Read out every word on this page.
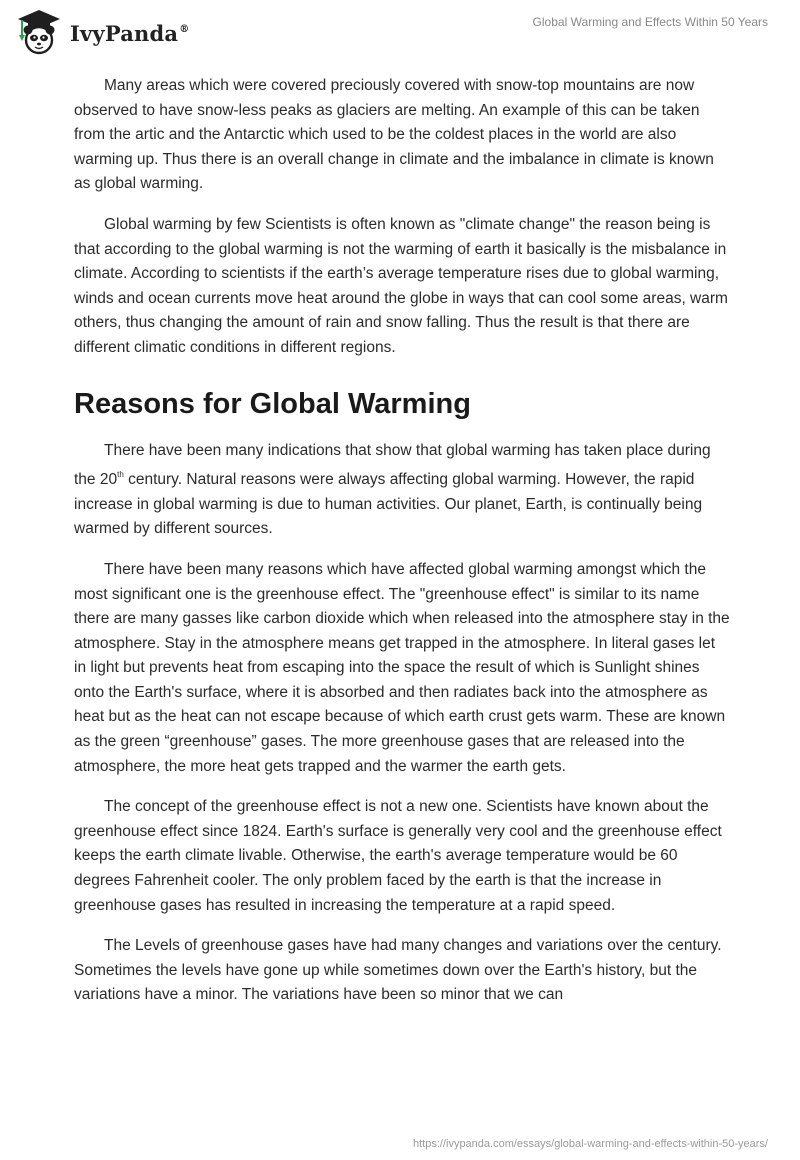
IvyPanda®	Global Warming and Effects Within 50 Years

Many areas which were covered preciously covered with snow-top mountains are now observed to have snow-less peaks as glaciers are melting. An example of this can be taken from the artic and the Antarctic which used to be the coldest places in the world are also warming up. Thus there is an overall change in climate and the imbalance in climate is known as global warming.

Global warming by few Scientists is often known as "climate change" the reason being is that according to the global warming is not the warming of earth it basically is the misbalance in climate. According to scientists if the earth’s average temperature rises due to global warming, winds and ocean currents move heat around the globe in ways that can cool some areas, warm others, thus changing the amount of rain and snow falling. Thus the result is that there are different climatic conditions in different regions.

Reasons for Global Warming

There have been many indications that show that global warming has taken place during the 20th century. Natural reasons were always affecting global warming. However, the rapid increase in global warming is due to human activities. Our planet, Earth, is continually being warmed by different sources.

There have been many reasons which have affected global warming amongst which the most significant one is the greenhouse effect. The "greenhouse effect" is similar to its name there are many gasses like carbon dioxide which when released into the atmosphere stay in the atmosphere. Stay in the atmosphere means get trapped in the atmosphere. In literal gases let in light but prevents heat from escaping into the space the result of which is Sunlight shines onto the Earth's surface, where it is absorbed and then radiates back into the atmosphere as heat but as the heat can not escape because of which earth crust gets warm. These are known as the green “greenhouse” gases. The more greenhouse gases that are released into the atmosphere, the more heat gets trapped and the warmer the earth gets.

The concept of the greenhouse effect is not a new one. Scientists have known about the greenhouse effect since 1824. Earth's surface is generally very cool and the greenhouse effect keeps the earth climate livable. Otherwise, the earth's average temperature would be 60 degrees Fahrenheit cooler. The only problem faced by the earth is that the increase in greenhouse gases has resulted in increasing the temperature at a rapid speed.

The Levels of greenhouse gases have had many changes and variations over the century. Sometimes the levels have gone up while sometimes down over the Earth's history, but the variations have a minor. The variations have been so minor that we can

https://ivypanda.com/essays/global-warming-and-effects-within-50-years/
